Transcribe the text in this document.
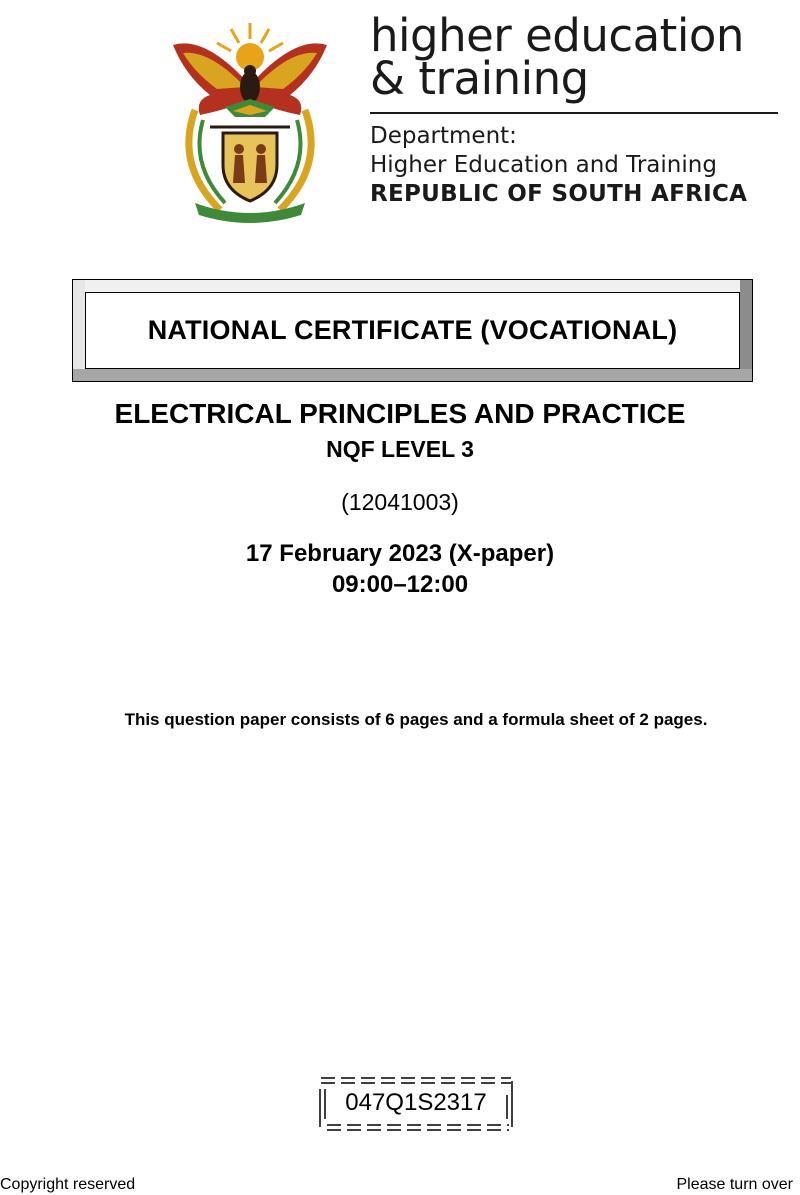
higher education
& training
Department:
Higher Education and Training
REPUBLIC OF SOUTH AFRICA
NATIONAL CERTIFICATE (VOCATIONAL)
ELECTRICAL PRINCIPLES AND PRACTICE
NQF LEVEL 3
(12041003)
17 February 2023 (X-paper)
09:00–12:00
This question paper consists of 6 pages and a formula sheet of 2 pages.
047Q1S2317
Copyright reserved	Please turn over
